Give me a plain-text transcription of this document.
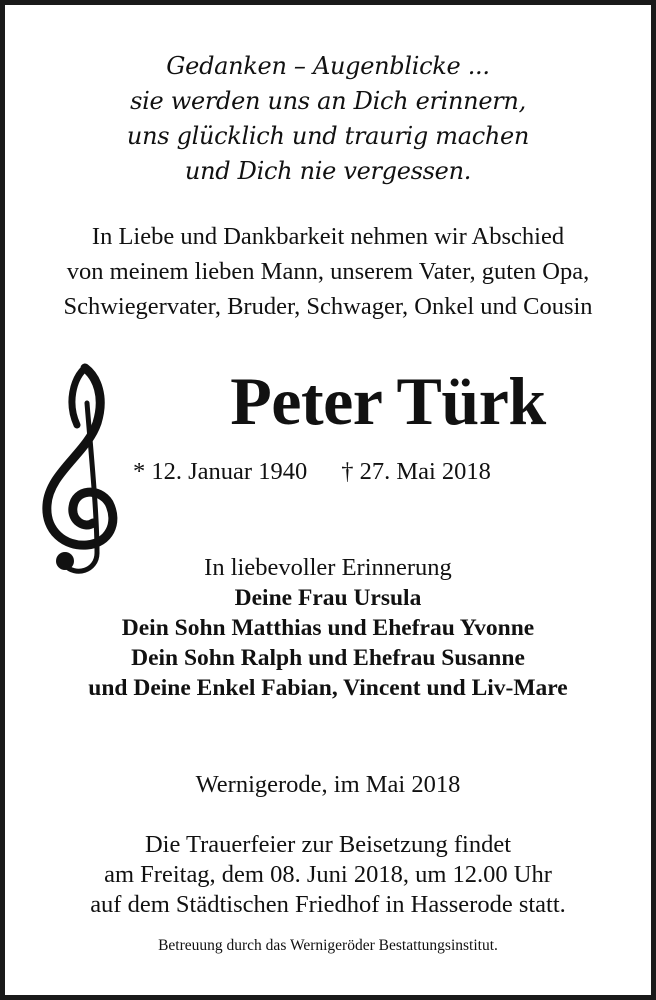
Gedanken – Augenblicke ...
sie werden uns an Dich erinnern,
uns glücklich und traurig machen
und Dich nie vergessen.
In Liebe und Dankbarkeit nehmen wir Abschied
von meinem lieben Mann, unserem Vater, guten Opa,
Schwiegervater, Bruder, Schwager, Onkel und Cousin
Peter Türk
* 12. Januar 1940 † 27. Mai 2018
In liebevoller Erinnerung
Deine Frau Ursula
Dein Sohn Matthias und Ehefrau Yvonne
Dein Sohn Ralph und Ehefrau Susanne
und Deine Enkel Fabian, Vincent und Liv-Mare
Wernigerode, im Mai 2018
Die Trauerfeier zur Beisetzung findet
am Freitag, dem 08. Juni 2018, um 12.00 Uhr
auf dem Städtischen Friedhof in Hasserode statt.
Betreuung durch das Wernigeröder Bestattungsinstitut.
